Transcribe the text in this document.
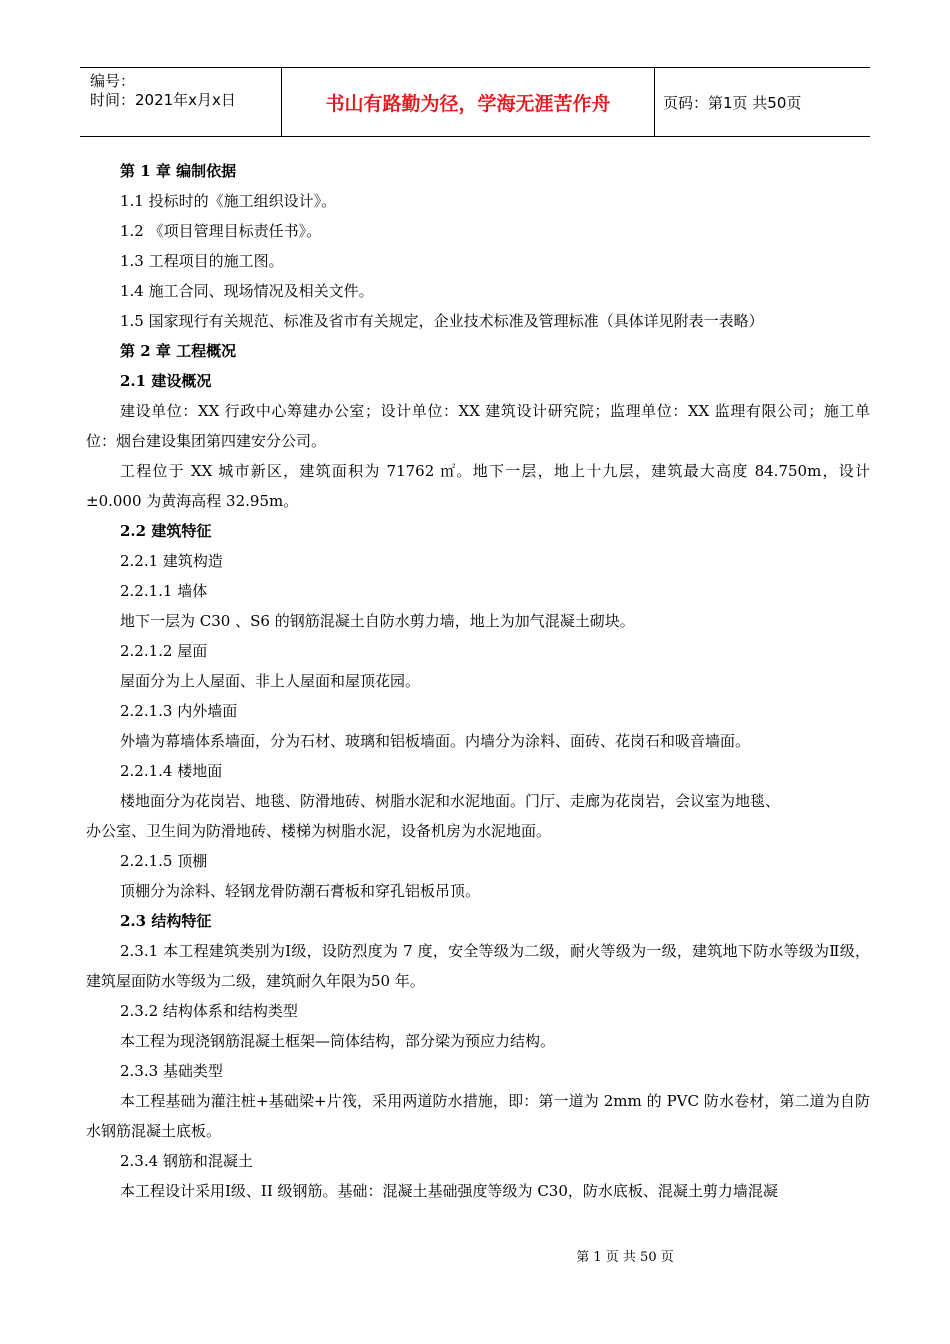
编号：
时间：2021年x月x日	书山有路勤为径，学海无涯苦作舟	页码：第1页 共50页
第 1 章 编制依据
1.1 投标时的《施工组织设计》。
1.2 《项目管理目标责任书》。
1.3 工程项目的施工图。
1.4 施工合同、现场情况及相关文件。
1.5 国家现行有关规范、标准及省市有关规定，企业技术标准及管理标准（具体详见附表一表略）
第 2 章 工程概况
2.1 建设概况
建设单位：XX 行政中心筹建办公室；设计单位：XX 建筑设计研究院；监理单位：XX 监理有限公司；施工单位：烟台建设集团第四建安分公司。
工程位于 XX 城市新区，建筑面积为 71762 ㎡。地下一层，地上十九层，建筑最大高度 84.750m，设计 ±0.000 为黄海高程 32.95m。
2.2 建筑特征
2.2.1 建筑构造
2.2.1.1 墙体
地下一层为 C30 、S6 的钢筋混凝土自防水剪力墙，地上为加气混凝土砌块。
2.2.1.2 屋面
屋面分为上人屋面、非上人屋面和屋顶花园。
2.2.1.3 内外墙面
外墙为幕墙体系墙面，分为石材、玻璃和铝板墙面。内墙分为涂料、面砖、花岗石和吸音墙面。
2.2.1.4 楼地面
楼地面分为花岗岩、地毯、防滑地砖、树脂水泥和水泥地面。门厅、走廊为花岗岩，会议室为地毯、
办公室、卫生间为防滑地砖、楼梯为树脂水泥，设备机房为水泥地面。
2.2.1.5 顶棚
顶棚分为涂料、轻钢龙骨防潮石膏板和穿孔铝板吊顶。
2.3 结构特征
2.3.1 本工程建筑类别为Ⅰ级，设防烈度为 7 度，安全等级为二级，耐火等级为一级，建筑地下防水等级为Ⅱ级，建筑屋面防水等级为二级，建筑耐久年限为50 年。
2.3.2 结构体系和结构类型
本工程为现浇钢筋混凝土框架—筒体结构，部分梁为预应力结构。
2.3.3 基础类型
本工程基础为灌注桩+基础梁+片筏，采用两道防水措施，即：第一道为 2mm 的 PVC 防水卷材，第二道为自防水钢筋混凝土底板。
2.3.4 钢筋和混凝土
本工程设计采用Ⅰ级、II 级钢筋。基础：混凝土基础强度等级为 C30，防水底板、混凝土剪力墙混凝
第 1 页 共 50 页
